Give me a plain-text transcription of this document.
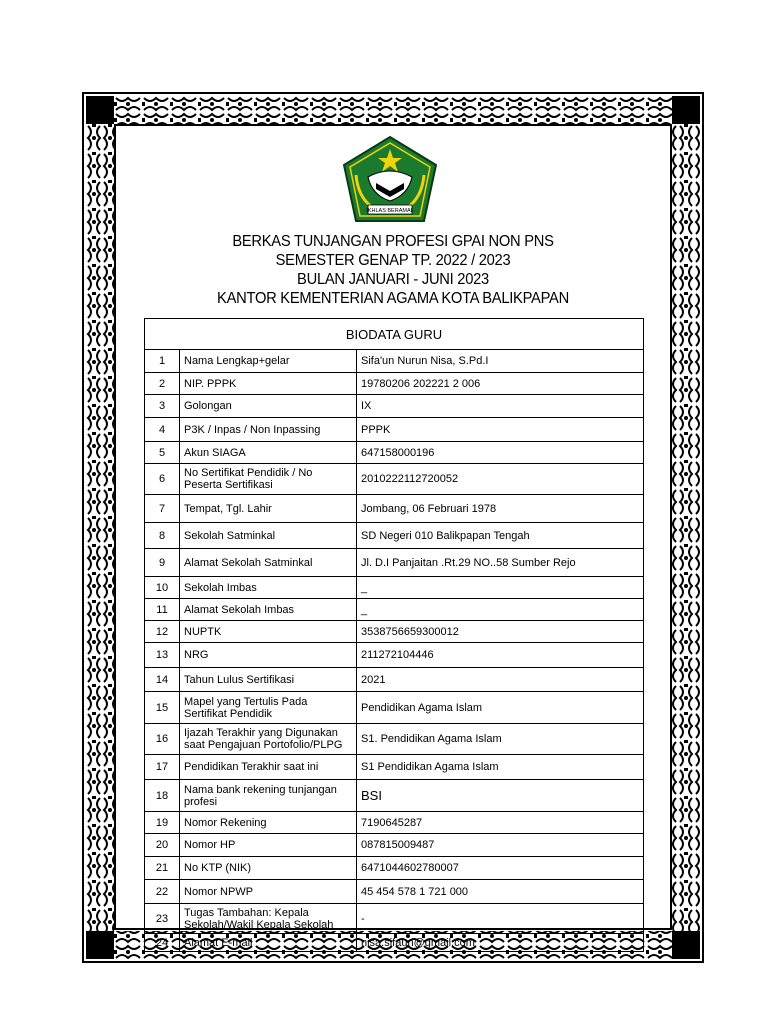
IKHLAS BERAMAL
BERKAS TUNJANGAN PROFESI GPAI NON PNS
SEMESTER GENAP TP. 2022 / 2023
BULAN JANUARI - JUNI 2023
KANTOR KEMENTERIAN AGAMA KOTA BALIKPAPAN
BIODATA GURU		
1	Nama Lengkap+gelar	Sifa'un Nurun Nisa, S.Pd.I
2	NIP. PPPK	19780206 202221 2 006
3	Golongan	IX
4	P3K / Inpas / Non Inpassing	PPPK
5	Akun SIAGA	647158000196
6	No Sertifikat Pendidik / No Peserta Sertifikasi	2010222112720052
7	Tempat, Tgl. Lahir	Jombang, 06 Februari 1978
8	Sekolah Satminkal	SD Negeri 010 Balikpapan Tengah
9	Alamat Sekolah Satminkal	Jl. D.I Panjaitan .Rt.29 NO..58 Sumber Rejo
10	Sekolah Imbas	_
11	Alamat Sekolah Imbas	_
12	NUPTK	3538756659300012
13	NRG	211272104446
14	Tahun Lulus Sertifikasi	2021
15	Mapel yang Tertulis Pada Sertifikat Pendidik	Pendidikan Agama Islam
16	Ijazah Terakhir yang Digunakan saat Pengajuan Portofolio/PLPG	S1. Pendidikan Agama Islam
17	Pendidikan Terakhir saat ini	S1 Pendidikan Agama Islam
18	Nama bank rekening tunjangan profesi	BSI
19	Nomor Rekening	7190645287
20	Nomor HP	087815009487
21	No KTP (NIK)	6471044602780007
22	Nomor NPWP	45 454 578 1 721 000
23	Tugas Tambahan: Kepala Sekolah/Wakil Kepala Sekolah	-
24	Alamat E-mail	nisa.sifaun@gmail.com
